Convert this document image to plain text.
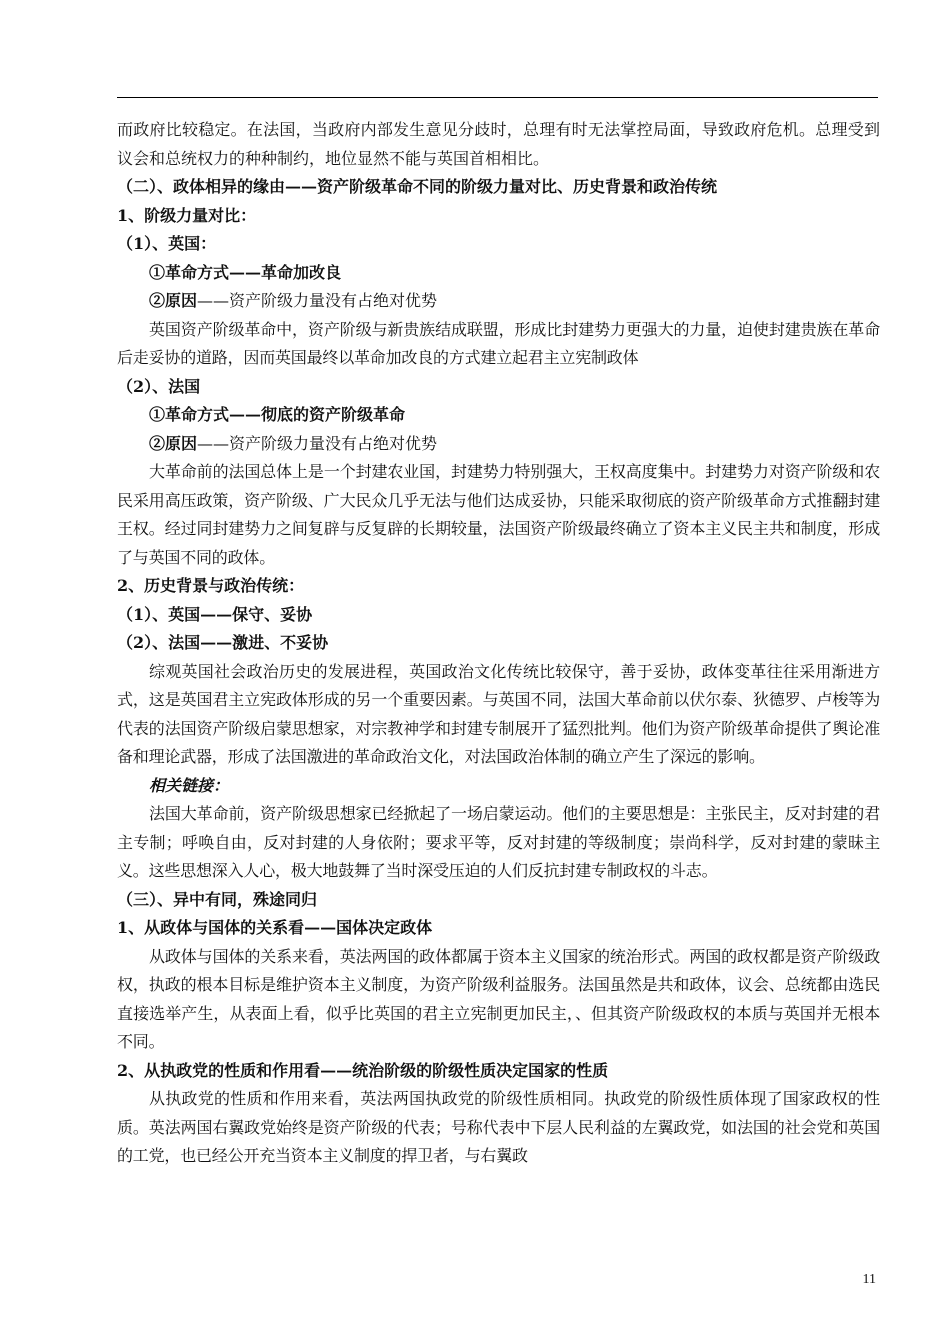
而政府比较稳定。在法国，当政府内部发生意见分歧时，总理有时无法掌控局面，导致政府危机。总理受到议会和总统权力的种种制约，地位显然不能与英国首相相比。

（二）、政体相异的缘由——资产阶级革命不同的阶级力量对比、历史背景和政治传统

1、阶级力量对比：

（1）、英国：

①革命方式——革命加改良

②原因——资产阶级力量没有占绝对优势

英国资产阶级革命中，资产阶级与新贵族结成联盟，形成比封建势力更强大的力量，迫使封建贵族在革命后走妥协的道路，因而英国最终以革命加改良的方式建立起君主立宪制政体

（2）、法国

①革命方式——彻底的资产阶级革命

②原因——资产阶级力量没有占绝对优势

大革命前的法国总体上是一个封建农业国，封建势力特别强大，王权高度集中。封建势力对资产阶级和农民采用高压政策，资产阶级、广大民众几乎无法与他们达成妥协，只能采取彻底的资产阶级革命方式推翻封建王权。经过同封建势力之间复辟与反复辟的长期较量，法国资产阶级最终确立了资本主义民主共和制度，形成了与英国不同的政体。

2、历史背景与政治传统：

（1）、英国——保守、妥协

（2）、法国——激进、不妥协

综观英国社会政治历史的发展进程，英国政治文化传统比较保守，善于妥协，政体变革往往采用渐进方式，这是英国君主立宪政体形成的另一个重要因素。与英国不同，法国大革命前以伏尔泰、狄德罗、卢梭等为代表的法国资产阶级启蒙思想家，对宗教神学和封建专制展开了猛烈批判。他们为资产阶级革命提供了舆论准备和理论武器，形成了法国激进的革命政治文化，对法国政治体制的确立产生了深远的影响。

相关链接：

法国大革命前，资产阶级思想家已经掀起了一场启蒙运动。他们的主要思想是：主张民主，反对封建的君主专制；呼唤自由，反对封建的人身依附；要求平等，反对封建的等级制度；崇尚科学，反对封建的蒙昧主义。这些思想深入人心，极大地鼓舞了当时深受压迫的人们反抗封建专制政权的斗志。

（三）、异中有同，殊途同归

1、从政体与国体的关系看——国体决定政体

从政体与国体的关系来看，英法两国的政体都属于资本主义国家的统治形式。两国的政权都是资产阶级政权，执政的根本目标是维护资本主义制度，为资产阶级利益服务。法国虽然是共和政体，议会、总统都由选民直接选举产生，从表面上看，似乎比英国的君主立宪制更加民主，、但其资产阶级政权的本质与英国并无根本不同。

2、从执政党的性质和作用看——统治阶级的阶级性质决定国家的性质

从执政党的性质和作用来看，英法两国执政党的阶级性质相同。执政党的阶级性质体现了国家政权的性质。英法两国右翼政党始终是资产阶级的代表；号称代表中下层人民利益的左翼政党，如法国的社会党和英国的工党，也已经公开充当资本主义制度的捍卫者，与右翼政

11
